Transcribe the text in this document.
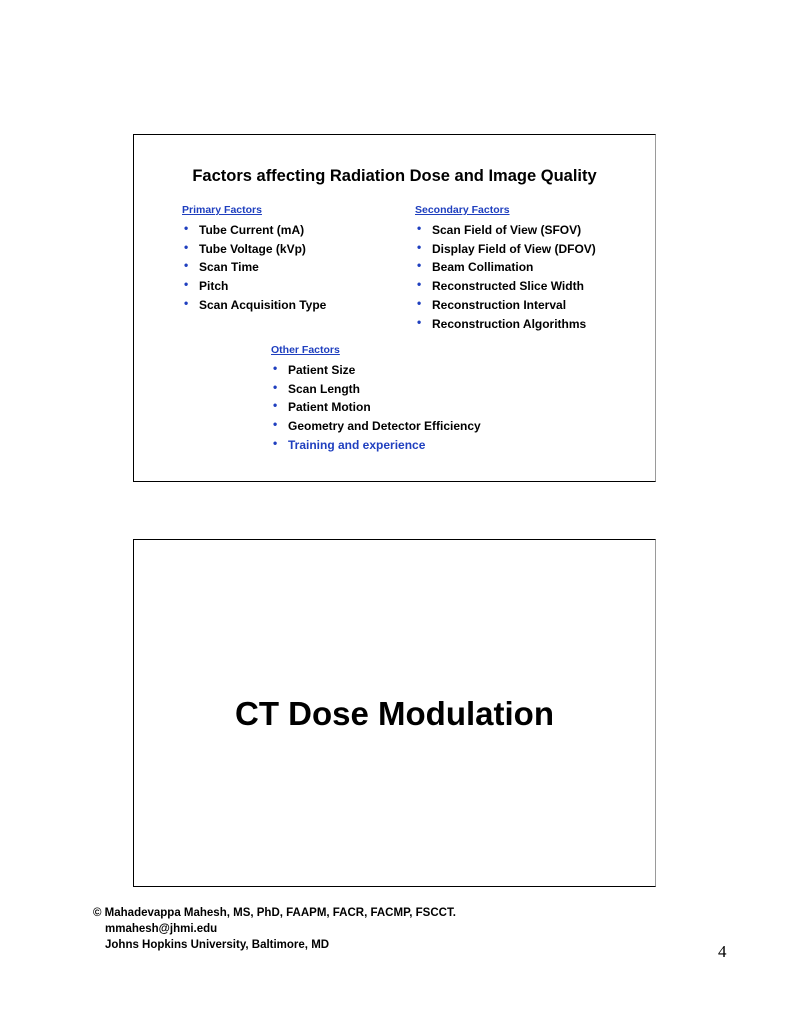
Factors affecting Radiation Dose and Image Quality
Primary Factors
• Tube Current (mA)
• Tube Voltage (kVp)
• Scan Time
• Pitch
• Scan Acquisition Type
Secondary Factors
• Scan Field of View (SFOV)
• Display Field of View (DFOV)
• Beam Collimation
• Reconstructed Slice Width
• Reconstruction Interval
• Reconstruction Algorithms
Other Factors
• Patient Size
• Scan Length
• Patient Motion
• Geometry and Detector Efficiency
• Training and experience
CT Dose Modulation
© Mahadevappa Mahesh, MS, PhD, FAAPM, FACR, FACMP, FSCCT.
mmahesh@jhmi.edu
Johns Hopkins University, Baltimore, MD	4
